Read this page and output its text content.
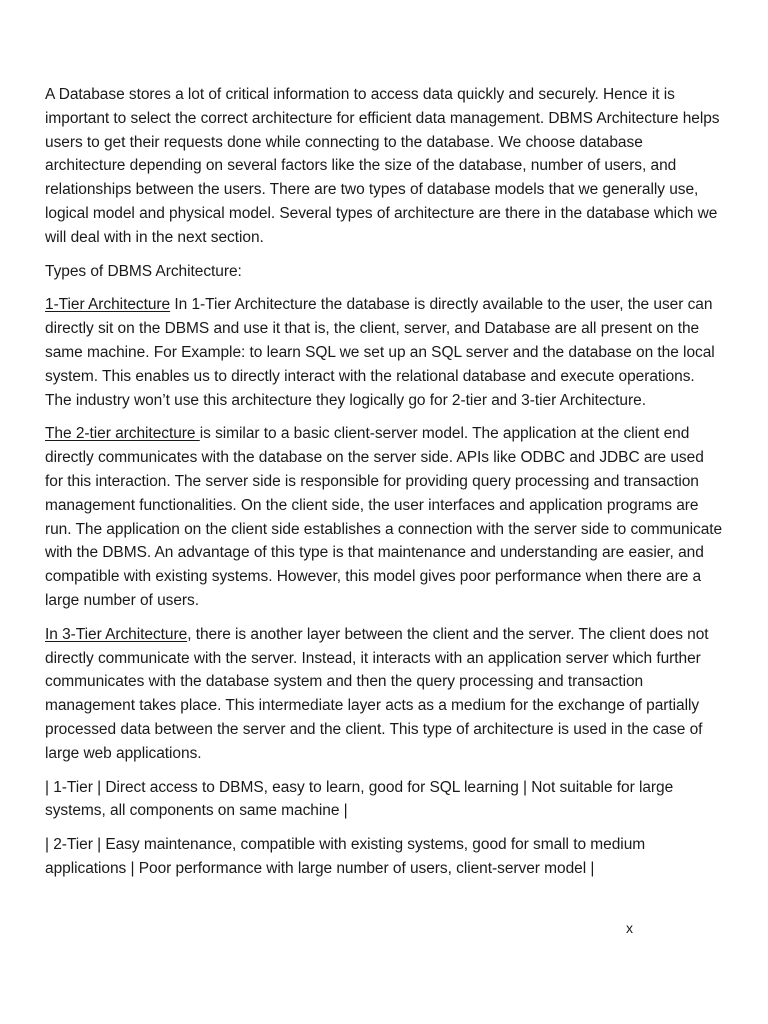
A Database stores a lot of critical information to access data quickly and securely. Hence it is important to select the correct architecture for efficient data management. DBMS Architecture helps users to get their requests done while connecting to the database. We choose database architecture depending on several factors like the size of the database, number of users, and relationships between the users. There are two types of database models that we generally use, logical model and physical model. Several types of architecture are there in the database which we will deal with in the next section.

Types of DBMS Architecture:

1-Tier Architecture In 1-Tier Architecture the database is directly available to the user, the user can directly sit on the DBMS and use it that is, the client, server, and Database are all present on the same machine. For Example: to learn SQL we set up an SQL server and the database on the local system. This enables us to directly interact with the relational database and execute operations. The industry won’t use this architecture they logically go for 2-tier and 3-tier Architecture.

The 2-tier architecture is similar to a basic client-server model. The application at the client end directly communicates with the database on the server side. APIs like ODBC and JDBC are used for this interaction. The server side is responsible for providing query processing and transaction management functionalities. On the client side, the user interfaces and application programs are run. The application on the client side establishes a connection with the server side to communicate with the DBMS. An advantage of this type is that maintenance and understanding are easier, and compatible with existing systems. However, this model gives poor performance when there are a large number of users.

In 3-Tier Architecture, there is another layer between the client and the server. The client does not directly communicate with the server. Instead, it interacts with an application server which further communicates with the database system and then the query processing and transaction management takes place. This intermediate layer acts as a medium for the exchange of partially processed data between the server and the client. This type of architecture is used in the case of large web applications.

| 1-Tier | Direct access to DBMS, easy to learn, good for SQL learning | Not suitable for large systems, all components on same machine |

| 2-Tier | Easy maintenance, compatible with existing systems, good for small to medium applications | Poor performance with large number of users, client-server model |

x
